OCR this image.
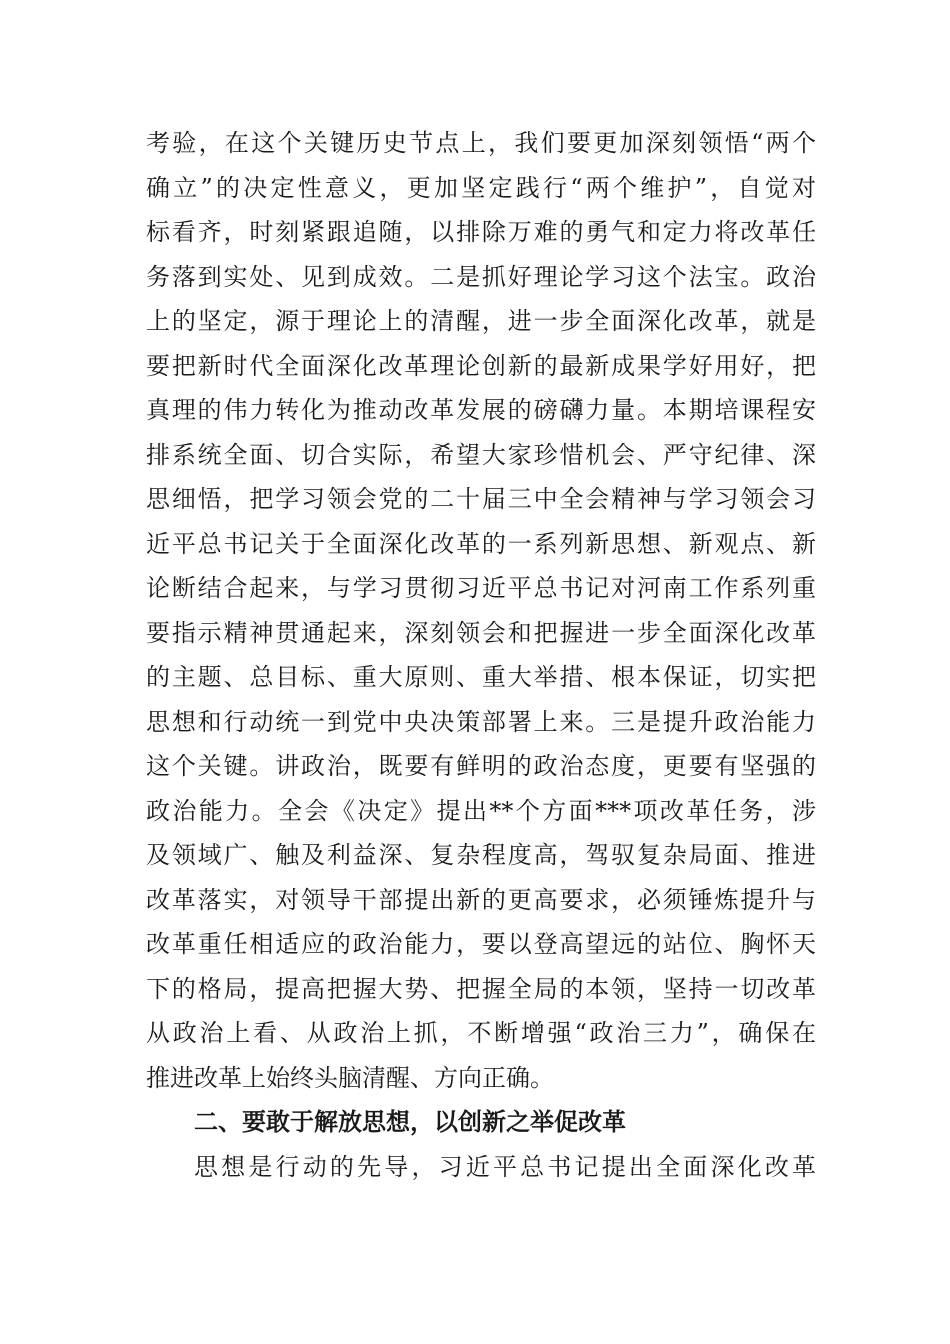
考验，在这个关键历史节点上，我们要更加深刻领悟“两个
确立”的决定性意义，更加坚定践行“两个维护”，自觉对
标看齐，时刻紧跟追随，以排除万难的勇气和定力将改革任
务落到实处、见到成效。二是抓好理论学习这个法宝。政治
上的坚定，源于理论上的清醒，进一步全面深化改革，就是
要把新时代全面深化改革理论创新的最新成果学好用好，把
真理的伟力转化为推动改革发展的磅礴力量。本期培课程安
排系统全面、切合实际，希望大家珍惜机会、严守纪律、深
思细悟，把学习领会党的二十届三中全会精神与学习领会习
近平总书记关于全面深化改革的一系列新思想、新观点、新
论断结合起来，与学习贯彻习近平总书记对河南工作系列重
要指示精神贯通起来，深刻领会和把握进一步全面深化改革
的主题、总目标、重大原则、重大举措、根本保证，切实把
思想和行动统一到党中央决策部署上来。三是提升政治能力
这个关键。讲政治，既要有鲜明的政治态度，更要有坚强的
政治能力。全会《决定》提出**个方面***项改革任务，涉
及领域广、触及利益深、复杂程度高，驾驭复杂局面、推进
改革落实，对领导干部提出新的更高要求，必须锤炼提升与
改革重任相适应的政治能力，要以登高望远的站位、胸怀天
下的格局，提高把握大势、把握全局的本领，坚持一切改革
从政治上看、从政治上抓，不断增强“政治三力”，确保在
推进改革上始终头脑清醒、方向正确。
二、要敢于解放思想，以创新之举促改革
思想是行动的先导，习近平总书记提出全面深化改革
